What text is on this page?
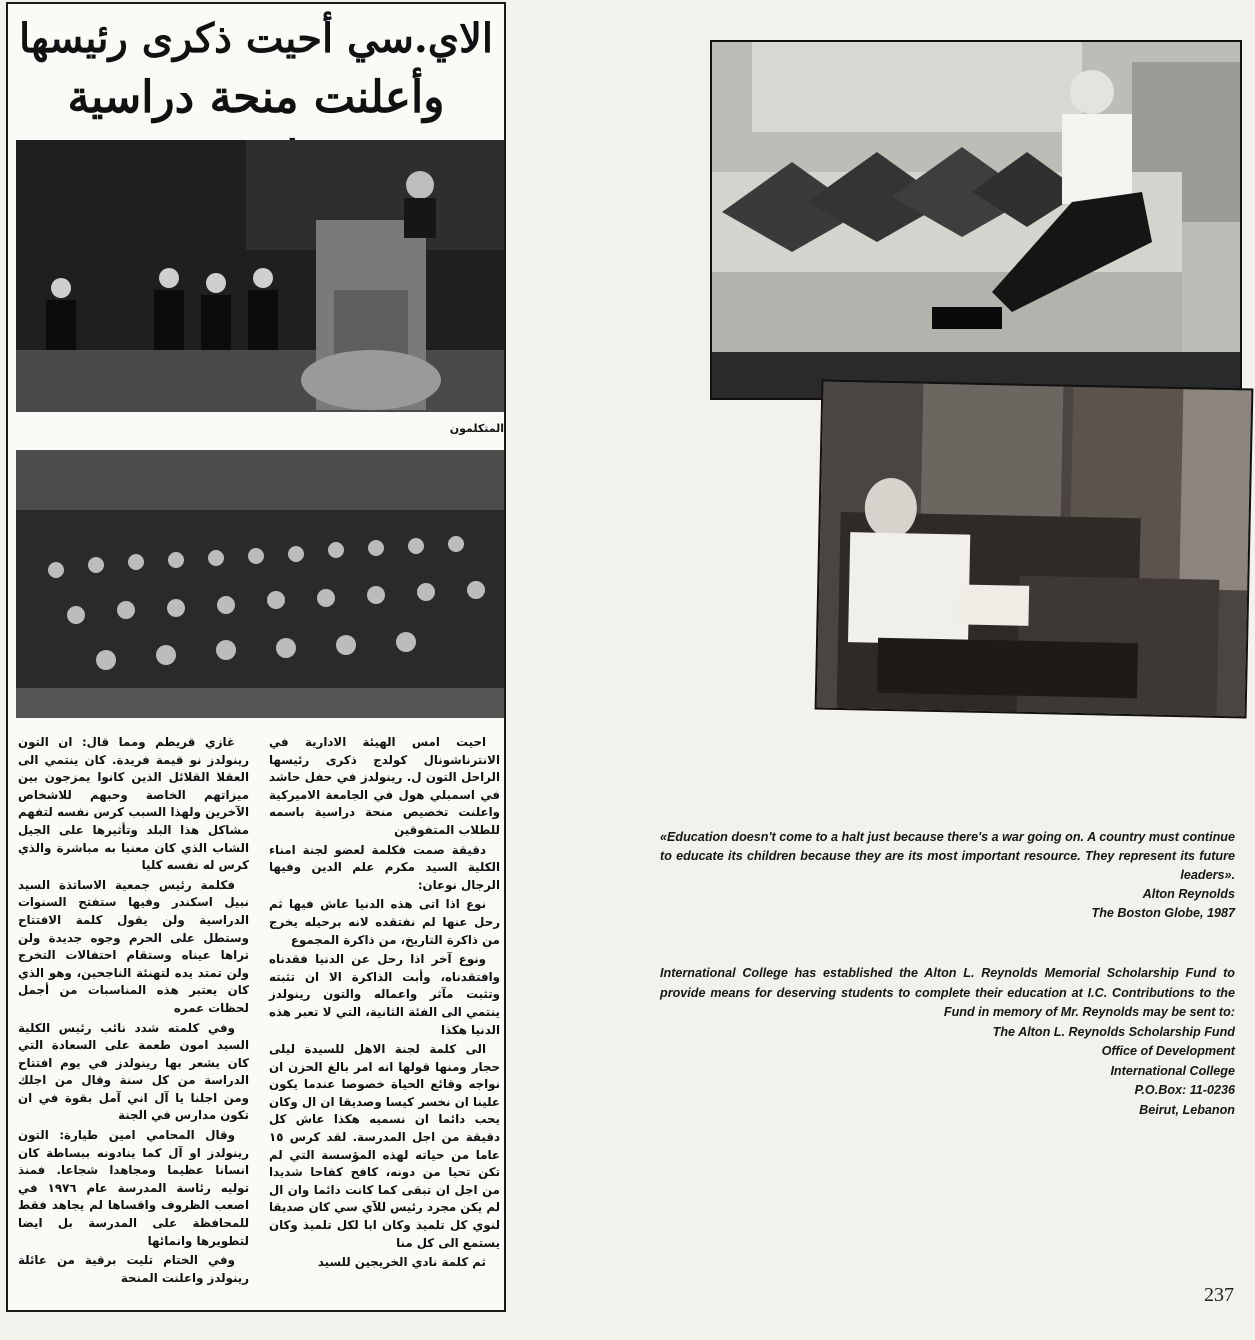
الاي.سي أحيت ذكرى رئيسها
وأعلنت منحة دراسية
المتكلمون

احيت امس الهيئة الادارية في الانترناشونال كولدج ذكرى رئيسها الراحل التون ل. رينولدز في حفل حاشد في اسمبلي هول في الجامعة الاميركية واعلنت تخصيص منحة دراسية باسمه للطلاب المتفوقين

دقيقة صمت فكلمة لعضو لجنة امناء الكلية السيد مكرم علم الدين وفيها الرجال نوعان:

نوع اذا اتى هذه الدنيا عاش فيها ثم رحل عنها لم نفتقده لانه برحيله يخرج من ذاكرة التاريخ، من ذاكرة المجموع

ونوع آخر اذا رحل عن الدنيا فقدناه وافتقدناه، وأبت الذاكرة الا ان تثبته وتثبت مآثر واعماله والتون رينولدز ينتمي الى الفئة الثانية، التي لا تعبر هذه الدنيا هكذا

الى كلمة لجنة الاهل للسيدة ليلى حجار ومنها قولها انه امر بالغ الحزن ان نواجه وقائع الحياة خصوصا عندما يكون علينا ان نخسر كيسا وصديقا ان ال وكان يحب دائما ان نسميه هكذا عاش كل دقيقة من اجل المدرسة. لقد كرس ١٥ عاما من حياته لهذه المؤسسة التي لم تكن تحيا من دونه، كافح كفاحا شديدا من اجل ان تبقى كما كانت دائما وان ال لم يكن مجرد رئيس للآي سي كان صديقا لنوي كل تلميذ وكان ابا لكل تلميذ وكان يستمع الى كل منا

ثم كلمة نادي الخريجين للسيد

غازي قريطم ومما قال: ان التون رينولدز نو قيمة فريدة. كان ينتمي الى العقلا القلائل الذين كانوا يمزجون بين ميزاتهم الخاصة وحبهم للاشخاص الآخرين ولهذا السبب كرس نفسه لتفهم مشاكل هذا البلد وتأثيرها على الجيل الشاب الذي كان معنيا به مباشرة والذي كرس له نفسه كليا

فكلمة رئيس جمعية الاساتذة السيد نبيل اسكندر وفيها ستفتح السنوات الدراسية ولن يقول كلمة الافتتاح وستطل على الحرم وجوه جديدة ولن تراها عيناه وستقام احتفالات التخرج ولن تمتد يده لتهنئة الناجحين، وهو الذي كان يعتبر هذه المناسبات من أجمل لحظات عمره

وفي كلمته شدد نائب رئيس الكلية السيد امون طعمة على السعادة التي كان يشعر بها رينولدز في يوم افتتاح الدراسة من كل سنة وقال من اجلك ومن اجلنا يا آل اني آمل بقوة في ان تكون مدارس في الجنة

وقال المحامي امين طيارة: التون رينولدز او آل كما ينادونه ببساطة كان انسانا عظيما ومجاهدا شجاعا. فمنذ توليه رئاسة المدرسة عام ١٩٧٦ في اصعب الظروف واقساها لم يجاهد فقط للمحافظة على المدرسة بل ايضا لتطويرها وانمائها

وفي الختام تليت برقية من عائلة رينولدز واعلنت المنحة

«Education doesn't come to a halt just because there's a war going on. A country must continue to educate its children because they are its most important resource. They represent its future leaders».
Alton Reynolds
The Boston Globe, 1987
International College has established the Alton L. Reynolds Memorial Scholarship Fund to provide means for deserving students to complete their education at I.C. Contributions to the Fund in memory of Mr. Reynolds may be sent to:
The Alton L. Reynolds Scholarship Fund
Office of Development
International College
P.O.Box: 11-0236
Beirut, Lebanon
237
